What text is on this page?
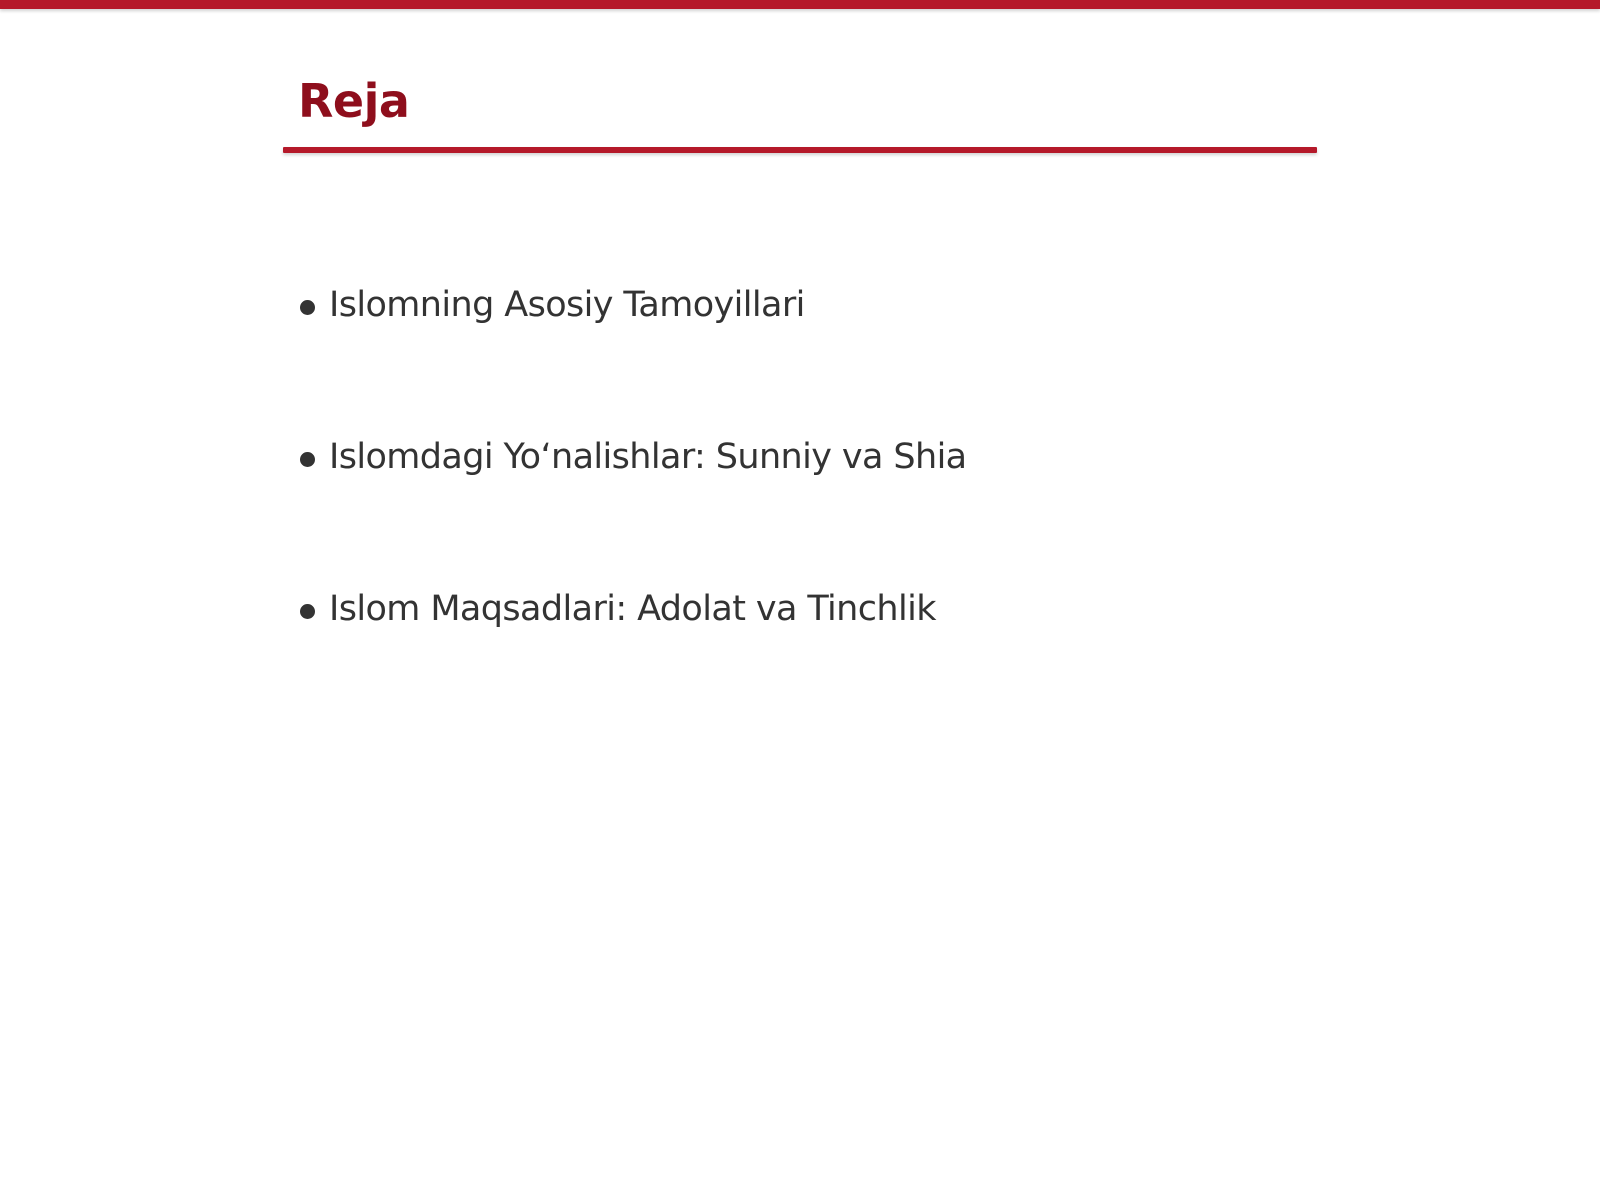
Reja
Islomning Asosiy Tamoyillari
Islomdagi Yo‘nalishlar: Sunniy va Shia
Islom Maqsadlari: Adolat va Tinchlik
